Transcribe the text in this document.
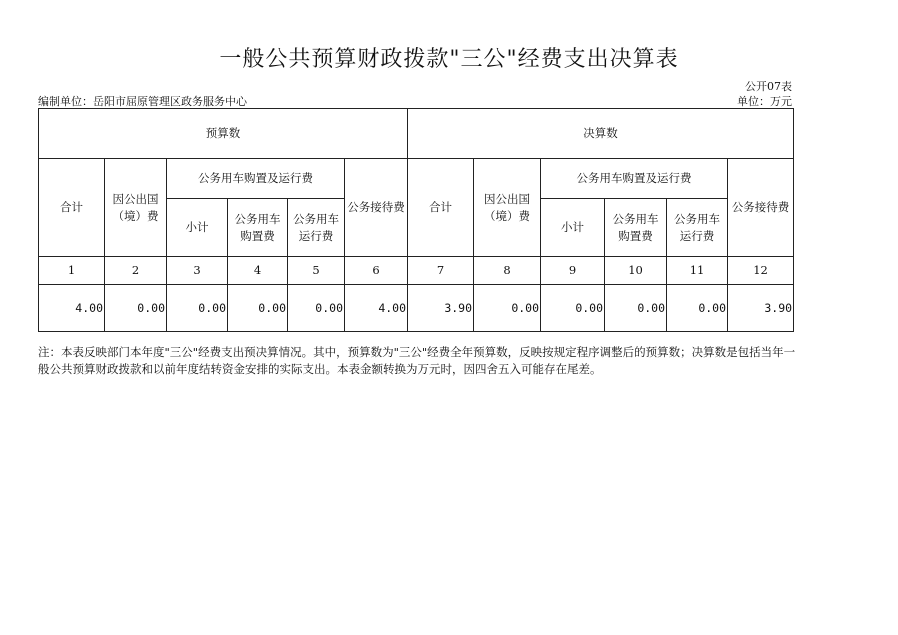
一般公共预算财政拨款"三公"经费支出决算表
公开07表
编制单位：岳阳市屈原管理区政务服务中心	单位：万元
预算数						决算数					
合计	因公出国（境）费	公务用车购置及运行费			公务接待费	合计	因公出国（境）费	公务用车购置及运行费			公务接待费
		小计	公务用车购置费	公务用车运行费				小计	公务用车购置费	公务用车运行费	
1	2	3	4	5	6	7	8	9	10	11	12
4.00	0.00	0.00	0.00	0.00	4.00	3.90	0.00	0.00	0.00	0.00	3.90
注：本表反映部门本年度"三公"经费支出预决算情况。其中，预算数为"三公"经费全年预算数，反映按规定程序调整后的预算数；决算数是包括当年一般公共预算财政拨款和以前年度结转资金安排的实际支出。本表金额转换为万元时，因四舍五入可能存在尾差。
